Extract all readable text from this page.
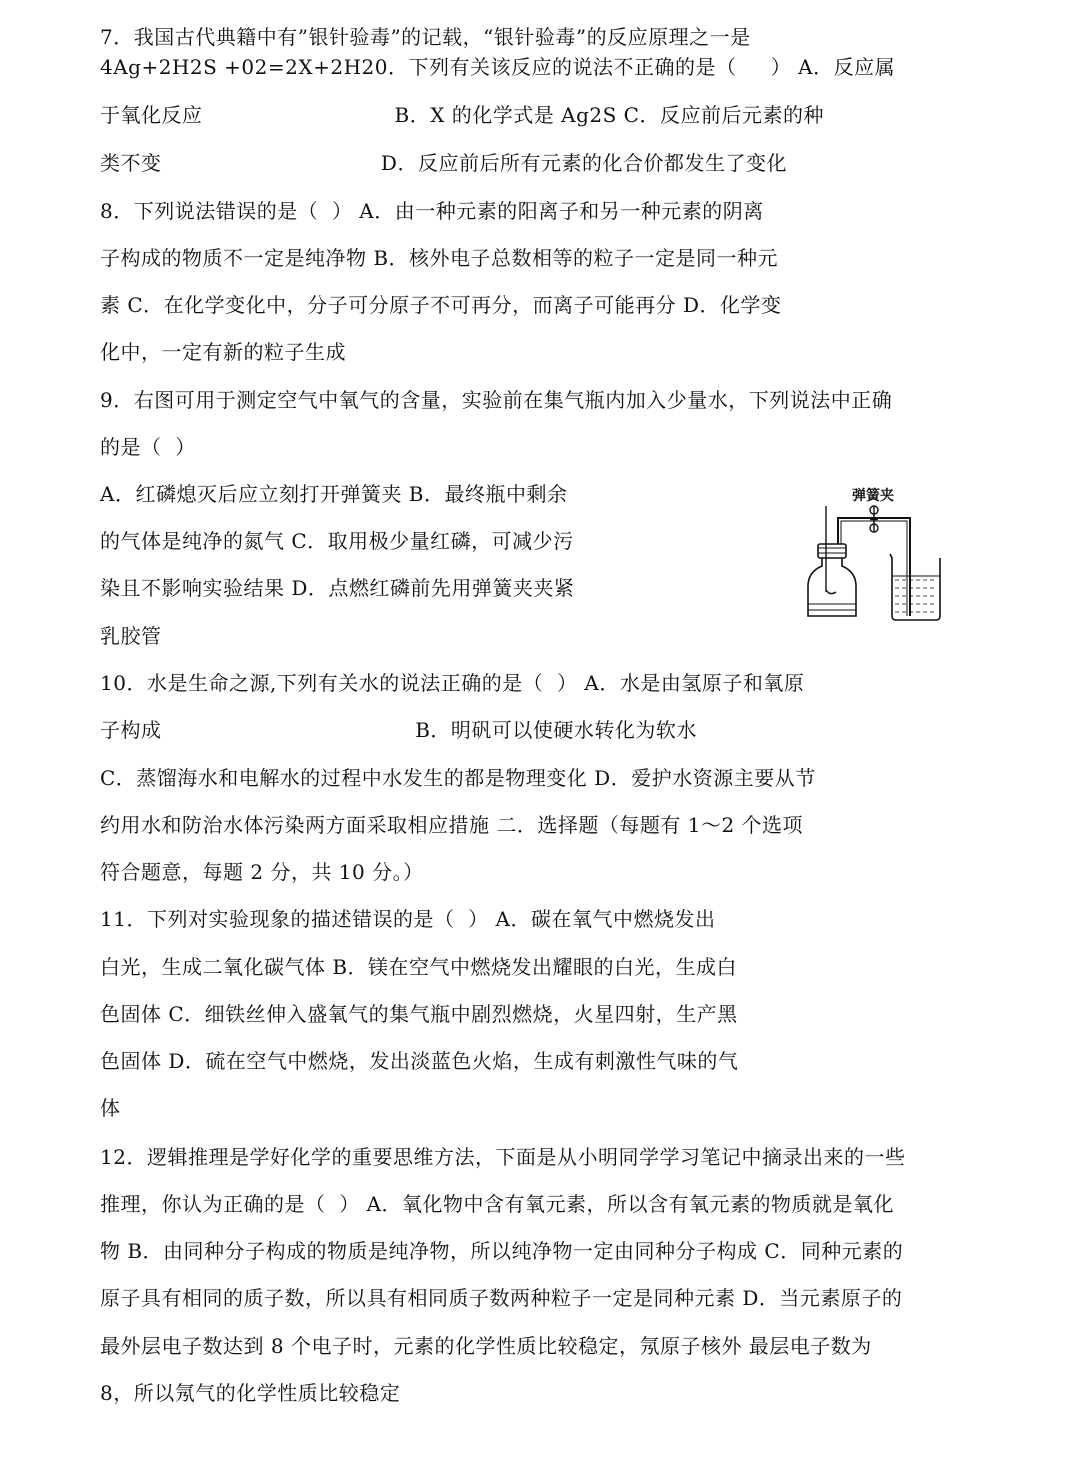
7．我国古代典籍中有”银针验毒”的记载，“银针验毒”的反应原理之一是
4Ag+2H2S +02=2X+2H20．下列有关该反应的说法不正确的是（     ） A．反应属
于氧化反应                            B．X 的化学式是 Ag2S C．反应前后元素的种
类不变                                D．反应前后所有元素的化合价都发生了变化
8．下列说法错误的是（  ） A．由一种元素的阳离子和另一种元素的阴离
子构成的物质不一定是纯净物 B．核外电子总数相等的粒子一定是同一种元
素 C．在化学变化中，分子可分原子不可再分，而离子可能再分 D．化学变
化中，一定有新的粒子生成
9．右图可用于测定空气中氧气的含量，实验前在集气瓶内加入少量水，下列说法中正确
的是（  ）
A．红磷熄灭后应立刻打开弹簧夹 B．最终瓶中剩余
的气体是纯净的氮气 C．取用极少量红磷，可减少污
染且不影响实验结果 D．点燃红磷前先用弹簧夹夹紧
乳胶管
10．水是生命之源,下列有关水的说法正确的是（  ） A．水是由氢原子和氧原
子构成                                     B．明矾可以使硬水转化为软水
C．蒸馏海水和电解水的过程中水发生的都是物理变化 D．爱护水资源主要从节
约用水和防治水体污染两方面采取相应措施 二．选择题（每题有 1～2 个选项
符合题意，每题 2 分，共 10 分。）
11．下列对实验现象的描述错误的是（  ） A．碳在氧气中燃烧发出
白光，生成二氧化碳气体 B．镁在空气中燃烧发出耀眼的白光，生成白
色固体 C．细铁丝伸入盛氧气的集气瓶中剧烈燃烧，火星四射，生产黑
色固体 D．硫在空气中燃烧，发出淡蓝色火焰，生成有刺激性气味的气
体
12．逻辑推理是学好化学的重要思维方法，下面是从小明同学学习笔记中摘录出来的一些
推理，你认为正确的是（  ） A．氧化物中含有氧元素，所以含有氧元素的物质就是氧化
物 B．由同种分子构成的物质是纯净物，所以纯净物一定由同种分子构成 C．同种元素的
原子具有相同的质子数，所以具有相同质子数两种粒子一定是同种元素 D．当元素原子的
最外层电子数达到 8 个电子时，元素的化学性质比较稳定，氖原子核外 最层电子数为
8，所以氖气的化学性质比较稳定
弹簧夹
